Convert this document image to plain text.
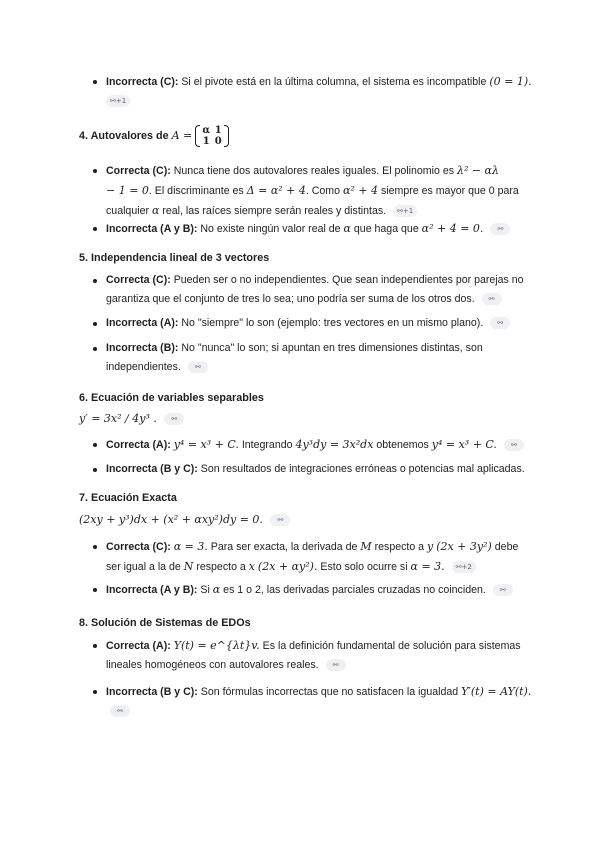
Incorrecta (C): Si el pivote está en la última columna, el sistema es incompatible (0 = 1).
⚯+1
4. Autovalores de A = α 1
1 0
Correcta (C): Nunca tiene dos autovalores reales iguales. El polinomio es λ² − αλ
− 1 = 0. El discriminante es Δ = α² + 4. Como α² + 4 siempre es mayor que 0 para cualquier α real, las raíces siempre serán reales y distintas. ⚯+1
Incorrecta (A y B): No existe ningún valor real de α que haga que α² + 4 = 0. ⚯
5. Independencia lineal de 3 vectores
Correcta (C): Pueden ser o no independientes. Que sean independientes por parejas no garantiza que el conjunto de tres lo sea; uno podría ser suma de los otros dos. ⚯
Incorrecta (A): No "siempre" lo son (ejemplo: tres vectores en un mismo plano). ⚯
Incorrecta (B): No "nunca" lo son; si apuntan en tres dimensiones distintas, son independientes. ⚯
6. Ecuación de variables separables
y′ = 3x² / 4y³ . ⚯
Correcta (A): y⁴ = x³ + C. Integrando 4y³dy = 3x²dx obtenemos y⁴ = x³ + C. ⚯
Incorrecta (B y C): Son resultados de integraciones erróneas o potencias mal aplicadas.
7. Ecuación Exacta
(2xy + y³)dx + (x² + αxy²)dy = 0. ⚯
Correcta (C): α = 3. Para ser exacta, la derivada de M respecto a y (2x + 3y²) debe ser igual a la de N respecto a x (2x + αy²). Esto solo ocurre si α = 3. ⚯+2
Incorrecta (A y B): Si α es 1 o 2, las derivadas parciales cruzadas no coinciden. ⚯
8. Solución de Sistemas de EDOs
Correcta (A): Y(t) = e^{λt}v. Es la definición fundamental de solución para sistemas lineales homogéneos con autovalores reales. ⚯
Incorrecta (B y C): Son fórmulas incorrectas que no satisfacen la igualdad Y′(t) = AY(t). ⚯
